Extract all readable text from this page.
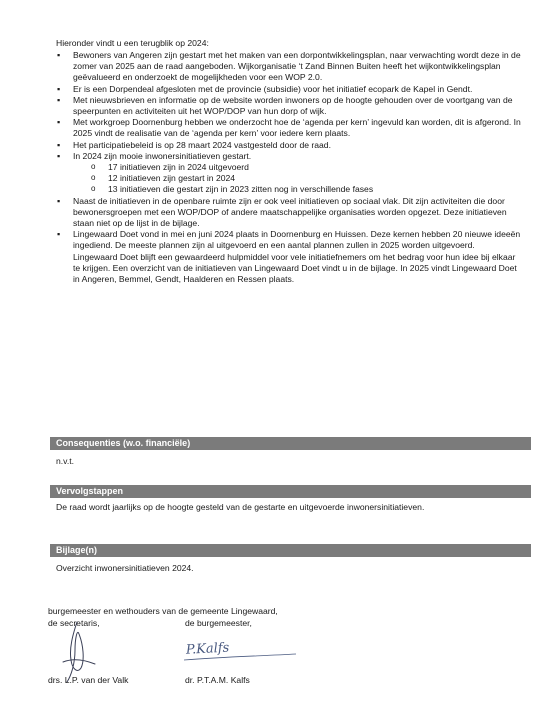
Hieronder vindt u een terugblik op 2024:
▪ Bewoners van Angeren zijn gestart met het maken van een dorpontwikkelingsplan, naar verwachting wordt deze in de zomer van 2025 aan de raad aangeboden. Wijkorganisatie ‘t Zand Binnen Buiten heeft het wijkontwikkelingsplan geëvalueerd en onderzoekt de mogelijkheden voor een WOP 2.0.
▪ Er is een Dorpendeal afgesloten met de provincie (subsidie) voor het initiatief ecopark de Kapel in Gendt.
▪ Met nieuwsbrieven en informatie op de website worden inwoners op de hoogte gehouden over de voortgang van de speerpunten en activiteiten uit het WOP/DOP van hun dorp of wijk.
▪ Met workgroep Doornenburg hebben we onderzocht hoe de ‘agenda per kern’ ingevuld kan worden, dit is afgerond. In 2025 vindt de realisatie van de ‘agenda per kern’ voor iedere kern plaats.
▪ Het participatiebeleid is op 28 maart 2024 vastgesteld door de raad.
▪ In 2024 zijn mooie inwonersinitiatieven gestart.
o 17 initiatieven zijn in 2024 uitgevoerd
o 12 initiatieven zijn gestart in 2024
o 13 initiatieven die gestart zijn in 2023 zitten nog in verschillende fases
▪ Naast de initiatieven in de openbare ruimte zijn er ook veel initiatieven op sociaal vlak. Dit zijn activiteiten die door bewonersgroepen met een WOP/DOP of andere maatschappelijke organisaties worden opgezet. Deze initiatieven staan niet op de lijst in de bijlage.

▪ Lingewaard Doet vond in mei en juni 2024 plaats in Doornenburg en Huissen. Deze kernen hebben 20 nieuwe ideeën ingediend. De meeste plannen zijn al uitgevoerd en een aantal plannen zullen in 2025 worden uitgevoerd.

Lingewaard Doet blijft een gewaardeerd hulpmiddel voor vele initiatiefnemers om het bedrag voor hun idee bij elkaar te krijgen. Een overzicht van de initiatieven van Lingewaard Doet vindt u in de bijlage. In 2025 vindt Lingewaard Doet in Angeren, Bemmel, Gendt, Haalderen en Ressen plaats.

Consequenties (w.o. financiële)
n.v.t.
Vervolgstappen
De raad wordt jaarlijks op de hoogte gesteld van de gestarte en uitgevoerde inwonersinitiatieven.
Bijlage(n)
Overzicht inwonersinitiatieven 2024.
burgemeester en wethouders van de gemeente Lingewaard,
de secretaris,	de burgemeester,
P.Kalfs
drs. L.P. van der Valk	dr. P.T.A.M. Kalfs
